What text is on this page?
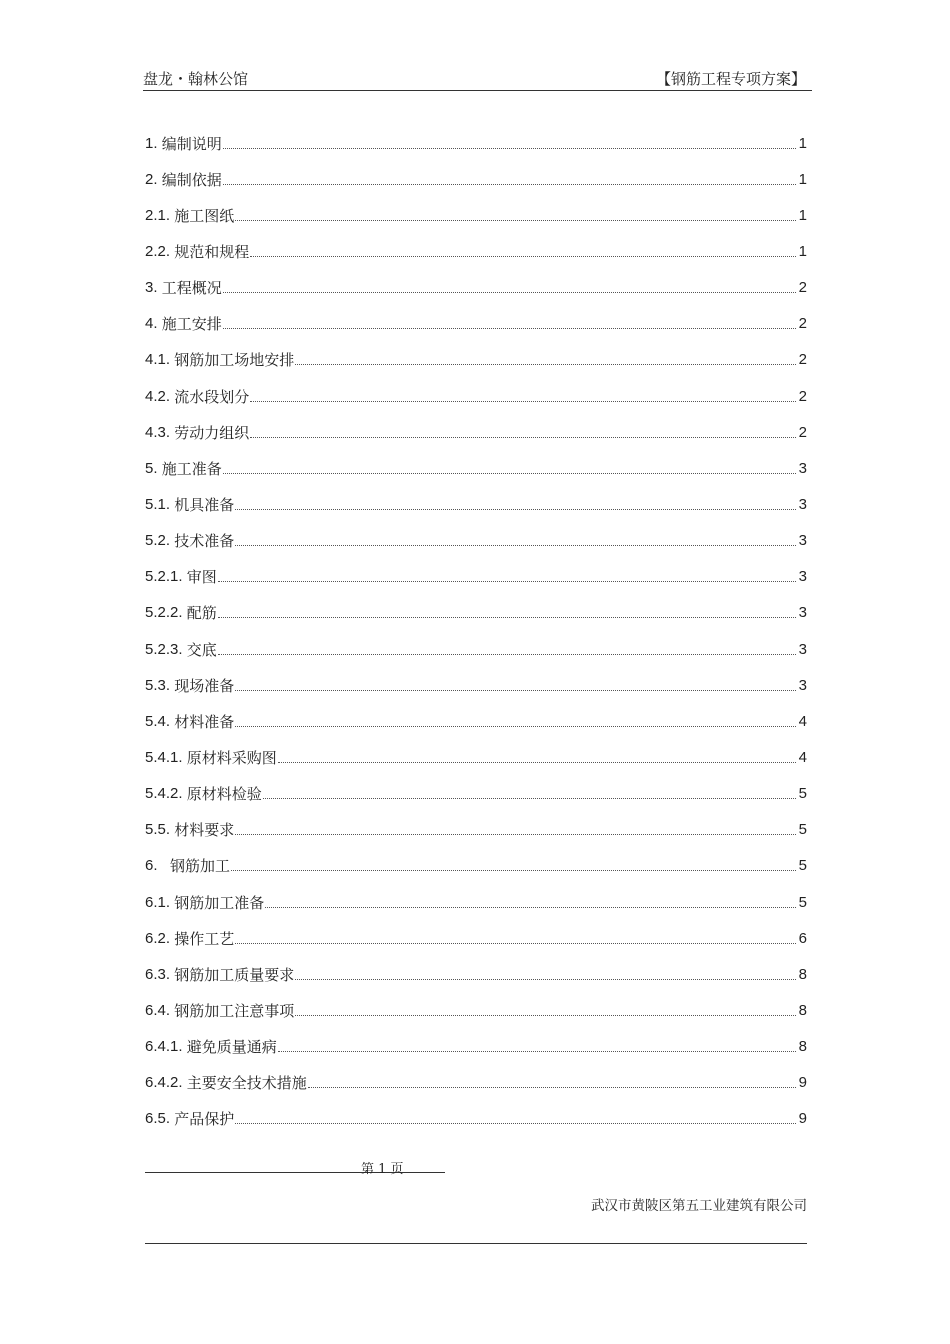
盘龙・翰林公馆	【钢筋工程专项方案】
1. 编制说明	1
2. 编制依据	1
2.1. 施工图纸	1
2.2. 规范和规程	1
3. 工程概况	2
4. 施工安排	2
4.1. 钢筋加工场地安排	2
4.2. 流水段划分	2
4.3. 劳动力组织	2
5. 施工准备	3
5.1. 机具准备	3
5.2. 技术准备	3
5.2.1. 审图	3
5.2.2. 配筋	3
5.2.3. 交底	3
5.3. 现场准备	3
5.4. 材料准备	4
5.4.1. 原材料采购图	4
5.4.2. 原材料检验	5
5.5. 材料要求	5
6. 钢筋加工	5
6.1. 钢筋加工准备	5
6.2. 操作工艺	6
6.3. 钢筋加工质量要求	8
6.4. 钢筋加工注意事项	8
6.4.1. 避免质量通病	8
6.4.2. 主要安全技术措施	9
6.5. 产品保护	9
第 1 页
武汉市黄陂区第五工业建筑有限公司
